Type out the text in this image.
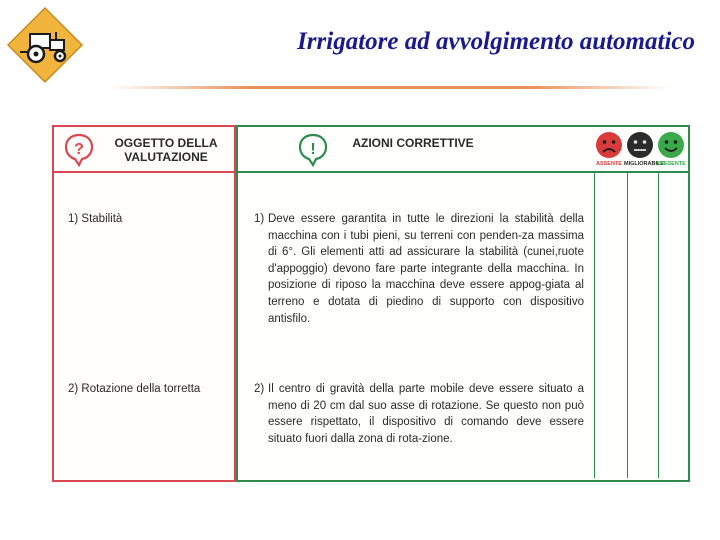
Irrigatore ad avvolgimento automatico
?	OGGETTO DELLA VALUTAZIONE
1) Stabilità
2) Rotazione della torretta
!	AZIONI CORRETTIVE
ASSENTE MIGLIORABILE
PRESENTE
1) Deve essere garantita in tutte le direzioni la stabilità della macchina con i tubi pieni, su terreni con penden-za massima di 6°. Gli elementi atti ad assicurare la stabilità (cunei,ruote d'appoggio) devono fare parte integrante della macchina. In posizione di riposo la macchina deve essere appog-giata al terreno e dotata di piedino di supporto con dispositivo antisfilo.
2) Il centro di gravità della parte mobile deve essere situato a meno di 20 cm dal suo asse di rotazione. Se questo non può essere rispettato, il dispositivo di comando deve essere situato fuori dalla zona di rota-zione.
